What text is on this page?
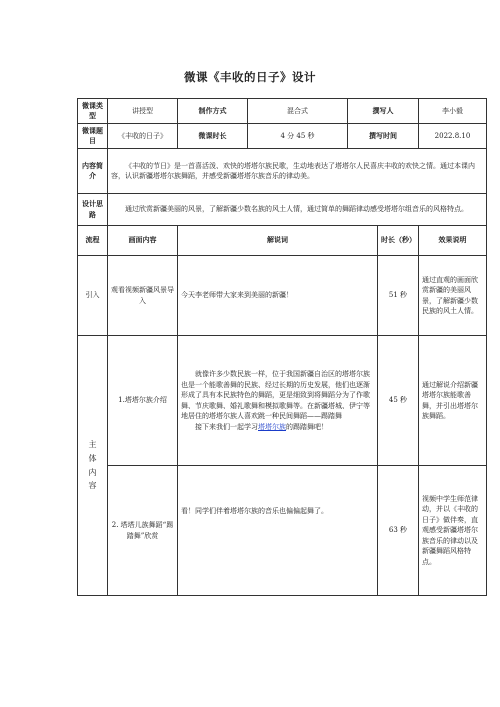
微课《丰收的日子》设计
微课类型	讲授型	制作方式	混合式	撰写人		李小毅
微课题目	《丰收的日子》	微课时长	4 分 45 秒	撰写时间		2022.8.10
内容简介	《丰收的节日》是一首喜活泼、欢快的塔塔尔族民歌，生动地表达了塔塔尔人民喜庆丰收的欢快之情。通过本课内容，认识新疆塔塔尔族舞蹈，并感受新疆塔塔尔族音乐的律动美。					
设计思路	通过欣赏新疆美丽的风景，了解新疆少数名族的风土人情，通过简单的舞蹈律动感受塔塔尔组音乐的风格特点。					
流程	画面内容	解说词			时长（秒）	效果说明
引入	观看视频新疆风景导入	今天李老师带大家来到美丽的新疆！			51 秒	通过直观的画面欣赏新疆的美丽风景，了解新疆少数民族的风土人情。
主体内容	1.塔塔尔族介绍	就像许多少数民族一样，位于我国新疆自治区的塔塔尔族也是一个能歌善舞的民族、经过长期的历史发展，他们也逐渐形成了具有本民族特色的舞蹈，更是细致到将舞蹈分为了作歌舞、节庆歌舞、婚礼歌舞和模拟歌舞等。在新疆塔城、伊宁等地居住的塔塔尔族人喜欢跳一种民间舞蹈——踢踏舞
接下来我们一起学习塔塔尔族的踢踏舞吧！			45 秒	通过解说介绍新疆塔塔尔族能歌善舞，并引出塔塔尔族舞蹈。
	2. 塔塔儿族舞蹈“踢踏舞”欣赏	看！同学们伴着塔塔尔族的音乐也偏偏起舞了。			63 秒	视频中学生师范律动，并以《丰收的日子》做伴奏，直观感受新疆塔塔尔族音乐的律动以及新疆舞蹈风格特点。
